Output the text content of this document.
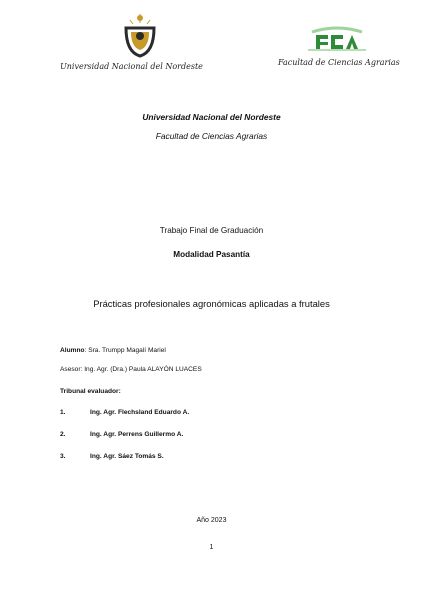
Universidad Nacional del Nordeste	Facultad de Ciencias Agrarias
Universidad Nacional del Nordeste
Facultad de Ciencias Agrarias
Trabajo Final de Graduación
Modalidad Pasantía
Prácticas profesionales agronómicas aplicadas a frutales
Alumno: Sra. Trumpp Magalí Mariel
Asesor: Ing. Agr. (Dra.) Paula ALAYÓN LUACES
Tribunal evaluador:
1.	Ing. Agr. Flechsland Eduardo A.
2.	Ing. Agr. Perrens Guillermo A.
3.	Ing. Agr. Sáez Tomás S.
Año 2023
1
